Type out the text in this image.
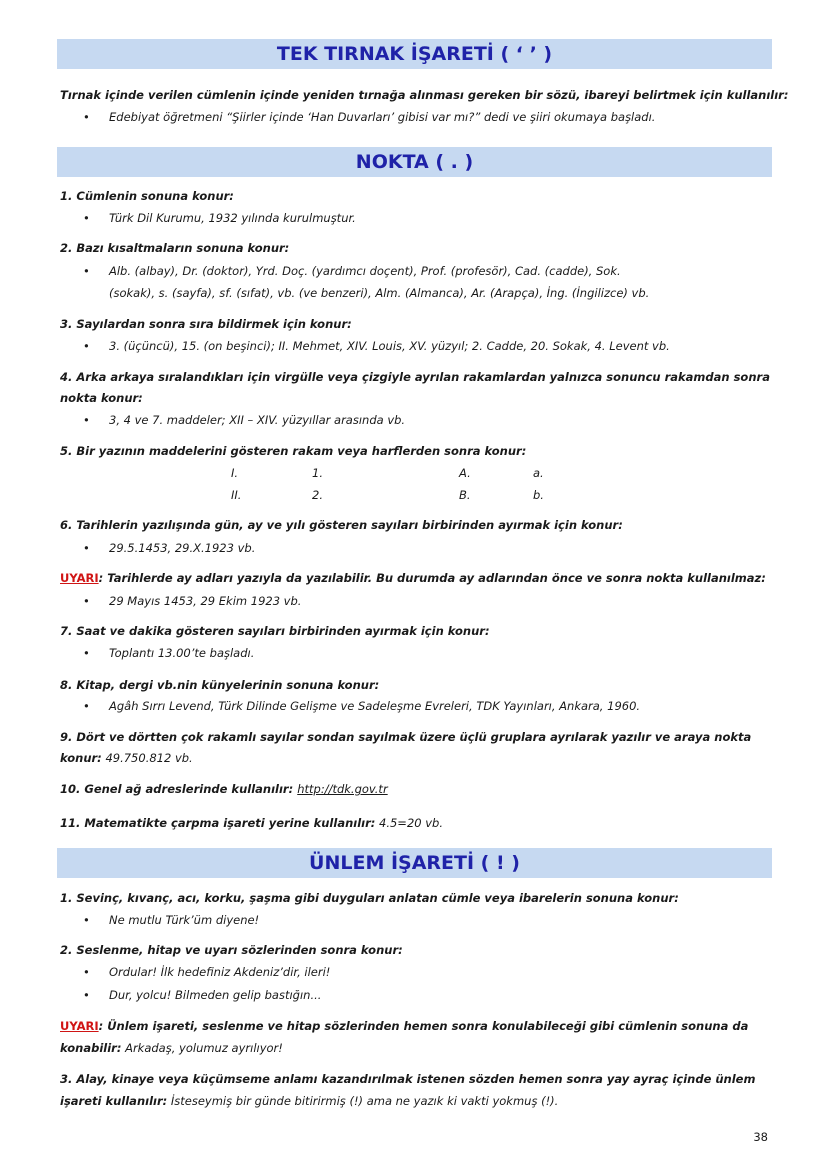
TEK TIRNAK İŞARETİ ( ‘ ’ )
Tırnak içinde verilen cümlenin içinde yeniden tırnağa alınması gereken bir sözü, ibareyi belirtmek için kullanılır:
• Edebiyat öğretmeni “Şiirler içinde ‘Han Duvarları’ gibisi var mı?” dedi ve şiiri okumaya başladı.
NOKTA ( . )
1. Cümlenin sonuna konur:
• Türk Dil Kurumu, 1932 yılında kurulmuştur.
2. Bazı kısaltmaların sonuna konur:
• Alb. (albay), Dr. (doktor), Yrd. Doç. (yardımcı doçent), Prof. (profesör), Cad. (cadde), Sok.
(sokak), s. (sayfa), sf. (sıfat), vb. (ve benzeri), Alm. (Almanca), Ar. (Arapça), İng. (İngilizce) vb.
3. Sayılardan sonra sıra bildirmek için konur:
• 3. (üçüncü), 15. (on beşinci); II. Mehmet, XIV. Louis, XV. yüzyıl; 2. Cadde, 20. Sokak, 4. Levent vb.
4. Arka arkaya sıralandıkları için virgülle veya çizgiyle ayrılan rakamlardan yalnızca sonuncu rakamdan sonra
nokta konur:
• 3, 4 ve 7. maddeler; XII – XIV. yüzyıllar arasında vb.
5. Bir yazının maddelerini gösteren rakam veya harflerden sonra konur:
I.	1.	A.	a.
II.	2.	B.	b.
6. Tarihlerin yazılışında gün, ay ve yılı gösteren sayıları birbirinden ayırmak için konur:
• 29.5.1453, 29.X.1923 vb.
UYARI: Tarihlerde ay adları yazıyla da yazılabilir. Bu durumda ay adlarından önce ve sonra nokta kullanılmaz:
• 29 Mayıs 1453, 29 Ekim 1923 vb.
7. Saat ve dakika gösteren sayıları birbirinden ayırmak için konur:
• Toplantı 13.00’te başladı.
8. Kitap, dergi vb.nin künyelerinin sonuna konur:
• Agâh Sırrı Levend, Türk Dilinde Gelişme ve Sadeleşme Evreleri, TDK Yayınları, Ankara, 1960.
9. Dört ve dörtten çok rakamlı sayılar sondan sayılmak üzere üçlü gruplara ayrılarak yazılır ve araya nokta
konur: 49.750.812 vb.
10. Genel ağ adreslerinde kullanılır: http://tdk.gov.tr
11. Matematikte çarpma işareti yerine kullanılır: 4.5=20 vb.
ÜNLEM İŞARETİ ( ! )
1. Sevinç, kıvanç, acı, korku, şaşma gibi duyguları anlatan cümle veya ibarelerin sonuna konur:
• Ne mutlu Türk’üm diyene!
2. Seslenme, hitap ve uyarı sözlerinden sonra konur:
• Ordular! İlk hedefiniz Akdeniz’dir, ileri!
• Dur, yolcu! Bilmeden gelip bastığın...
UYARI: Ünlem işareti, seslenme ve hitap sözlerinden hemen sonra konulabileceği gibi cümlenin sonuna da
konabilir: Arkadaş, yolumuz ayrılıyor!
3. Alay, kinaye veya küçümseme anlamı kazandırılmak istenen sözden hemen sonra yay ayraç içinde ünlem
işareti kullanılır: İsteseymiş bir günde bitirirmiş (!) ama ne yazık ki vakti yokmuş (!).
38
